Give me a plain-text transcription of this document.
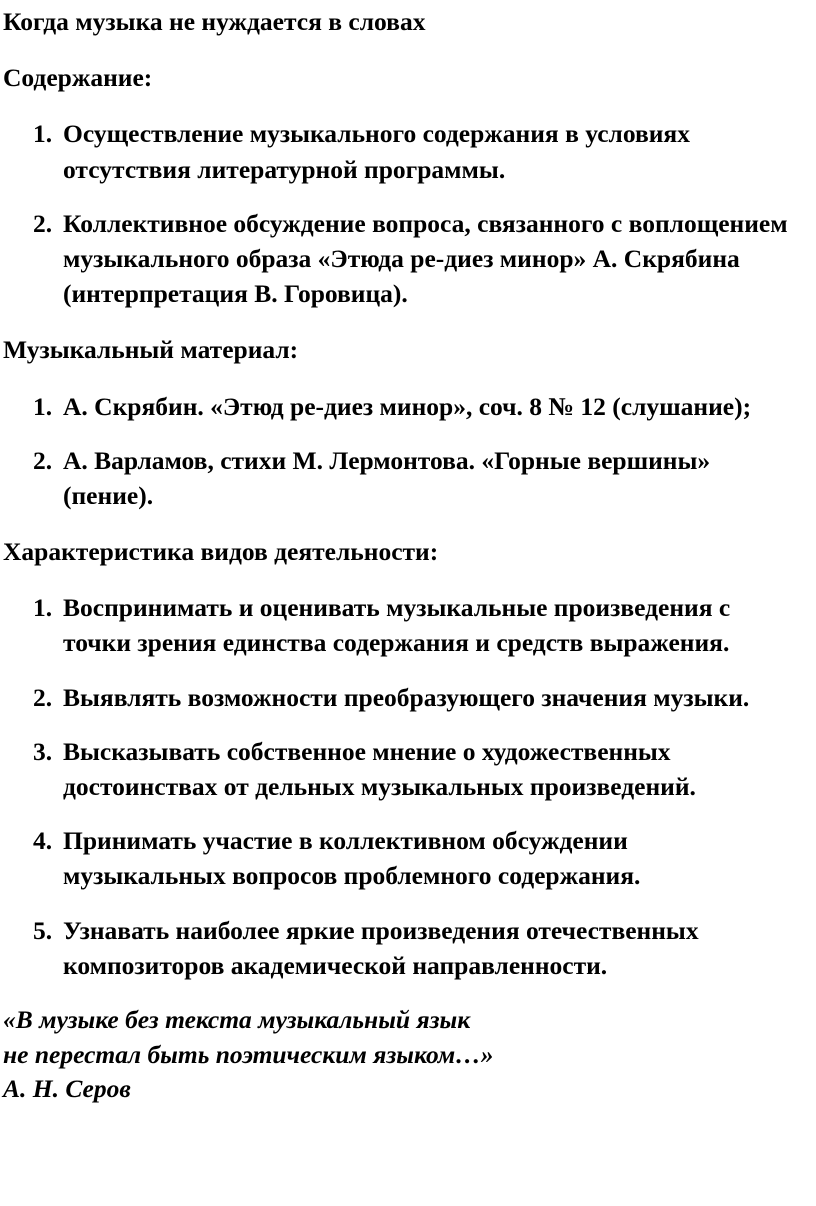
Когда музыка не нуждается в словах
Содержание:
1. Осуществление музыкального содержания в условиях отсутствия литературной программы.
2. Коллективное обсуждение вопроса, связанного с воплощением музыкального образа «Этюда ре-диез минор» А. Скрябина (интерпретация В. Горовица).
Музыкальный материал:
1. А. Скрябин. «Этюд ре-диез минор», соч. 8 № 12 (слушание);
2. А. Варламов, стихи М. Лермонтова. «Горные вершины» (пение).
Характеристика видов деятельности:
1. Воспринимать и оценивать музыкальные произведения с точки зрения единства содержания и средств выражения.
2. Выявлять возможности преобразующего значения музыки.
3. Высказывать собственное мнение о художественных достоинствах от дельных музыкальных произведений.
4. Принимать участие в коллективном обсуждении музыкальных вопросов проблемного содержания.
5. Узнавать наиболее яркие произведения отечественных композиторов академической направленности.
«В музыке без текста музыкальный язык
не перестал быть поэтическим языком…»
А. Н. Серов
